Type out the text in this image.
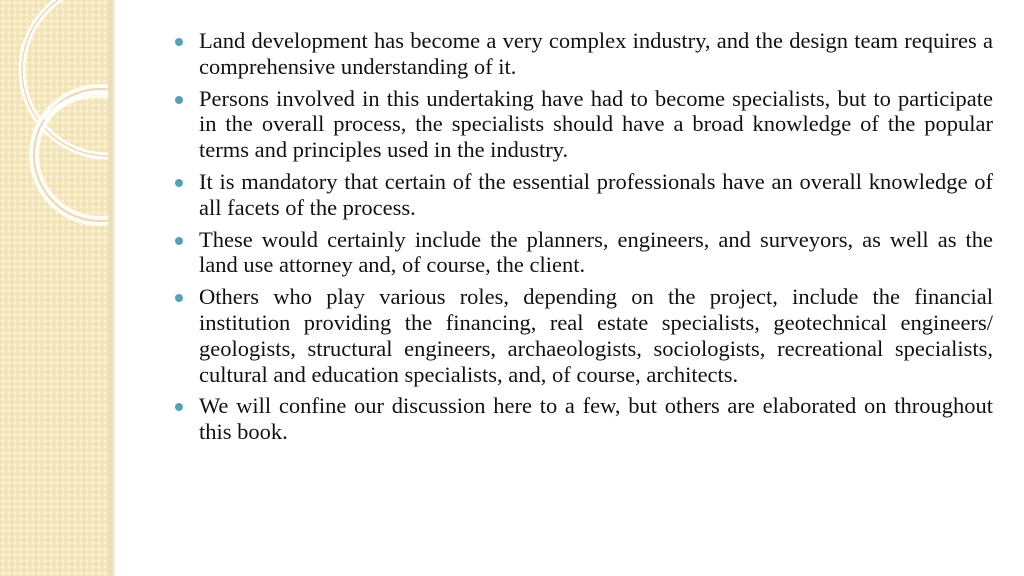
Land development has become a very complex industry, and the design team requires a comprehensive understanding of it.
Persons involved in this undertaking have had to become specialists, but to participate in the overall process, the specialists should have a broad knowledge of the popular terms and principles used in the industry.
It is mandatory that certain of the essential professionals have an overall knowledge of all facets of the process.
These would certainly include the planners, engineers, and surveyors, as well as the land use attorney and, of course, the client.
Others who play various roles, depending on the project, include the financial institution providing the financing, real estate specialists, geotechnical engineers/ geologists, structural engineers, archaeologists, sociologists, recreational specialists, cultural and education specialists, and, of course, architects.
We will confine our discussion here to a few, but others are elaborated on throughout this book.
